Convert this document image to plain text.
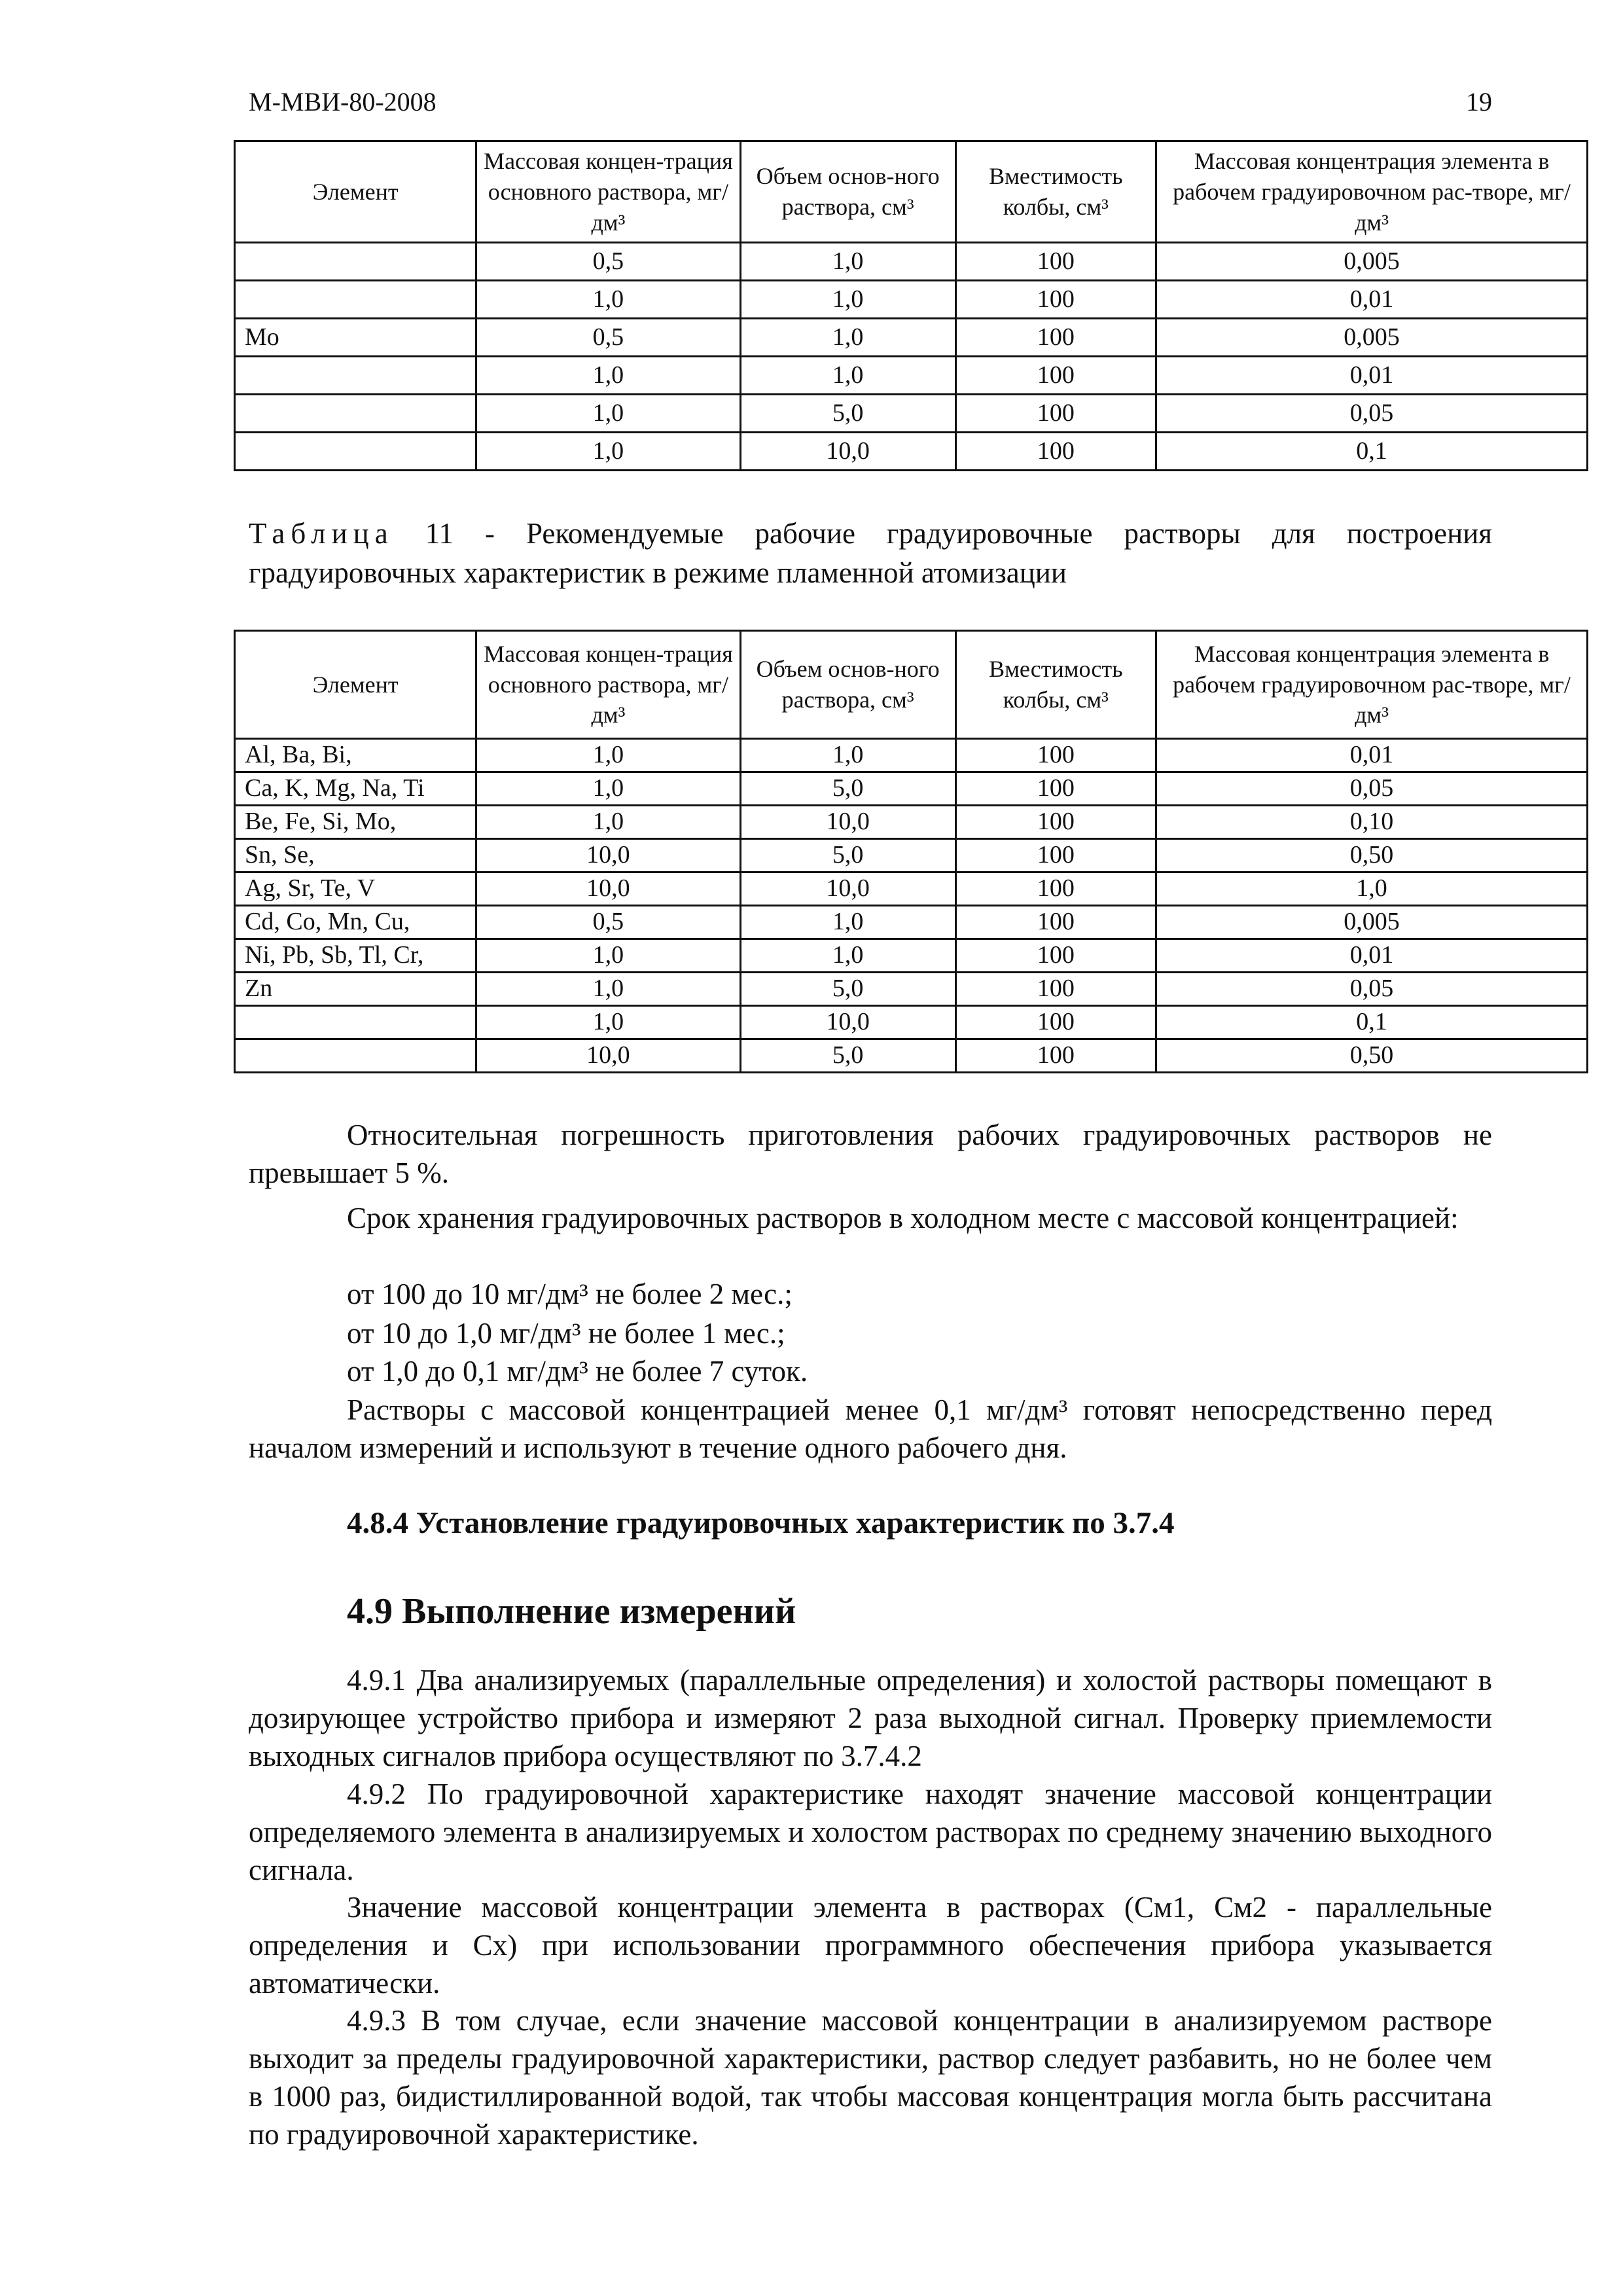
М-МВИ-80-2008	19
Элемент	Массовая концен-трация основного раствора, мг/дм³	Объем основ-ного раствора, см³	Вместимость колбы, см³	Массовая концентрация элемента в рабочем градуировочном рас-творе, мг/дм³
	0,5	1,0	100	0,005
	1,0	1,0	100	0,01
Mo	0,5	1,0	100	0,005
	1,0	1,0	100	0,01
	1,0	5,0	100	0,05
	1,0	10,0	100	0,1
Таблица 11 - Рекомендуемые рабочие градуировочные растворы для построения градуировочных характеристик в режиме пламенной атомизации
Элемент	Массовая концен-трация основного раствора, мг/дм³	Объем основ-ного раствора, см³	Вместимость колбы, см³	Массовая концентрация элемента в рабочем градуировочном рас-творе, мг/дм³
Al, Ba, Bi,	1,0	1,0	100	0,01
Ca, K, Mg, Na, Ti	1,0	5,0	100	0,05
Be, Fe, Si, Mo,	1,0	10,0	100	0,10
Sn, Se,	10,0	5,0	100	0,50
Ag, Sr, Te, V	10,0	10,0	100	1,0
Cd, Co, Mn, Cu,	0,5	1,0	100	0,005
Ni, Pb, Sb, Tl, Cr,	1,0	1,0	100	0,01
Zn	1,0	5,0	100	0,05
	1,0	10,0	100	0,1
	10,0	5,0	100	0,50

Относительная погрешность приготовления рабочих градуировочных растворов не превышает 5 %.

Срок хранения градуировочных растворов в холодном месте с массовой концентрацией:

от 100 до 10 мг/дм³ не более 2 мес.;

от 10 до 1,0 мг/дм³ не более 1 мес.;

от 1,0 до 0,1 мг/дм³ не более 7 суток.

Растворы с массовой концентрацией менее 0,1 мг/дм³ готовят непосредственно перед началом измерений и используют в течение одного рабочего дня.

4.8.4 Установление градуировочных характеристик по 3.7.4
4.9 Выполнение измерений

4.9.1 Два анализируемых (параллельные определения) и холостой растворы помещают в дозирующее устройство прибора и измеряют 2 раза выходной сигнал. Проверку приемлемости выходных сигналов прибора осуществляют по 3.7.4.2

4.9.2 По градуировочной характеристике находят значение массовой концентрации определяемого элемента в анализируемых и холостом растворах по среднему значению выходного сигнала.

Значение массовой концентрации элемента в растворах (Cм1, Cм2 - параллельные определения и Cx) при использовании программного обеспечения прибора указывается автоматически.

4.9.3 В том случае, если значение массовой концентрации в анализируемом растворе выходит за пределы градуировочной характеристики, раствор следует разбавить, но не более чем в 1000 раз, бидистиллированной водой, так чтобы массовая концентрация могла быть рассчитана по градуировочной характеристике.
